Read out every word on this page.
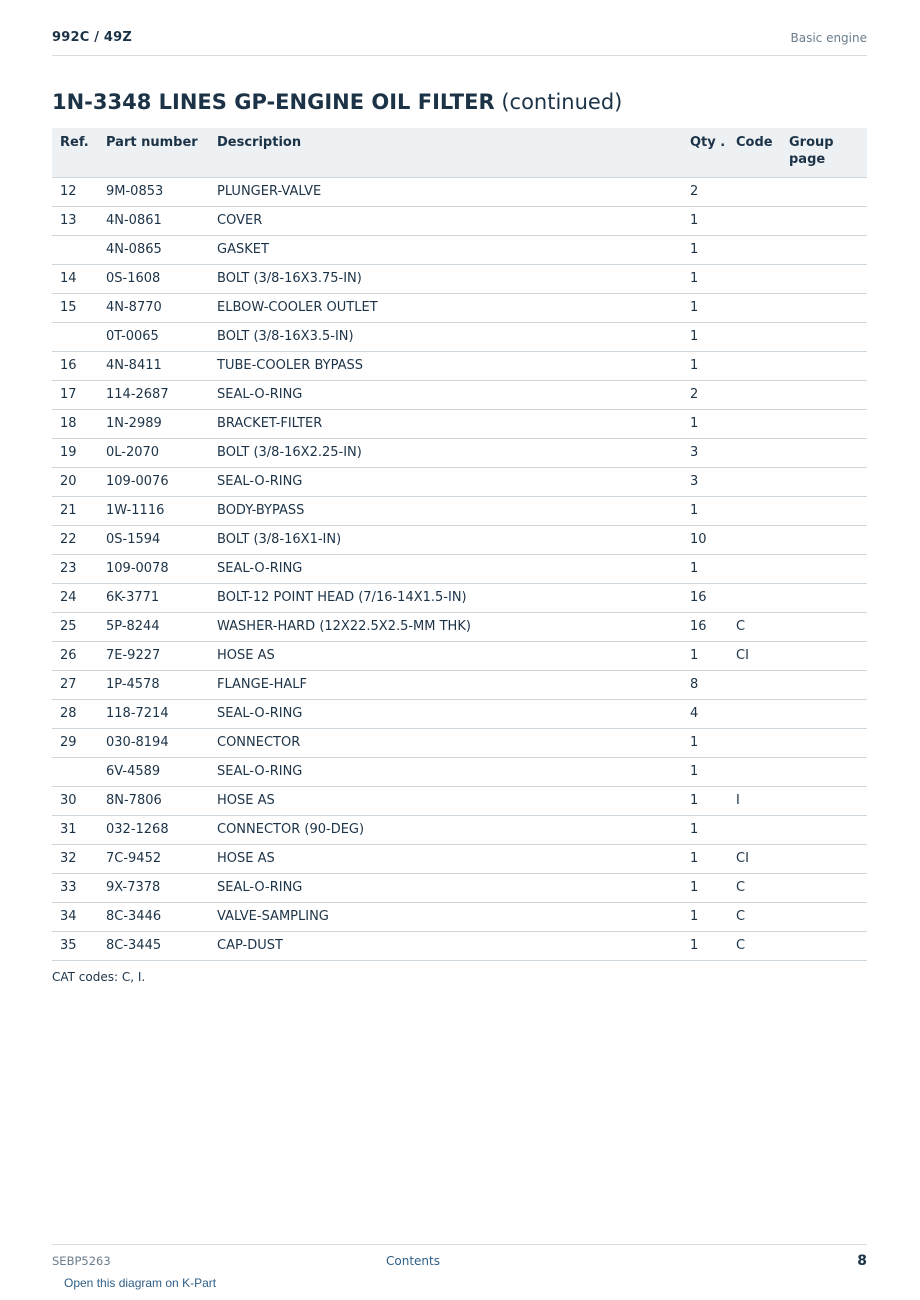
992C / 49Z	Basic engine
1N-3348 LINES GP-ENGINE OIL FILTER (continued)
Ref.	Part number	Description	Qty .	Code	Group page
12	9M-0853	PLUNGER-VALVE	2		
13	4N-0861	COVER	1		
	4N-0865	GASKET	1		
14	0S-1608	BOLT (3/8-16X3.75-IN)	1		
15	4N-8770	ELBOW-COOLER OUTLET	1		
	0T-0065	BOLT (3/8-16X3.5-IN)	1		
16	4N-8411	TUBE-COOLER BYPASS	1		
17	114-2687	SEAL-O-RING	2		
18	1N-2989	BRACKET-FILTER	1		
19	0L-2070	BOLT (3/8-16X2.25-IN)	3		
20	109-0076	SEAL-O-RING	3		
21	1W-1116	BODY-BYPASS	1		
22	0S-1594	BOLT (3/8-16X1-IN)	10		
23	109-0078	SEAL-O-RING	1		
24	6K-3771	BOLT-12 POINT HEAD (7/16-14X1.5-IN)	16		
25	5P-8244	WASHER-HARD (12X22.5X2.5-MM THK)	16	C	
26	7E-9227	HOSE AS	1	CI	
27	1P-4578	FLANGE-HALF	8		
28	118-7214	SEAL-O-RING	4		
29	030-8194	CONNECTOR	1		
	6V-4589	SEAL-O-RING	1		
30	8N-7806	HOSE AS	1	I	
31	032-1268	CONNECTOR (90-DEG)	1		
32	7C-9452	HOSE AS	1	CI	
33	9X-7378	SEAL-O-RING	1	C	
34	8C-3446	VALVE-SAMPLING	1	C	
35	8C-3445	CAP-DUST	1	C	
CAT codes: C, I.
SEBP5263	Contents	8
Open this diagram on K-Part
